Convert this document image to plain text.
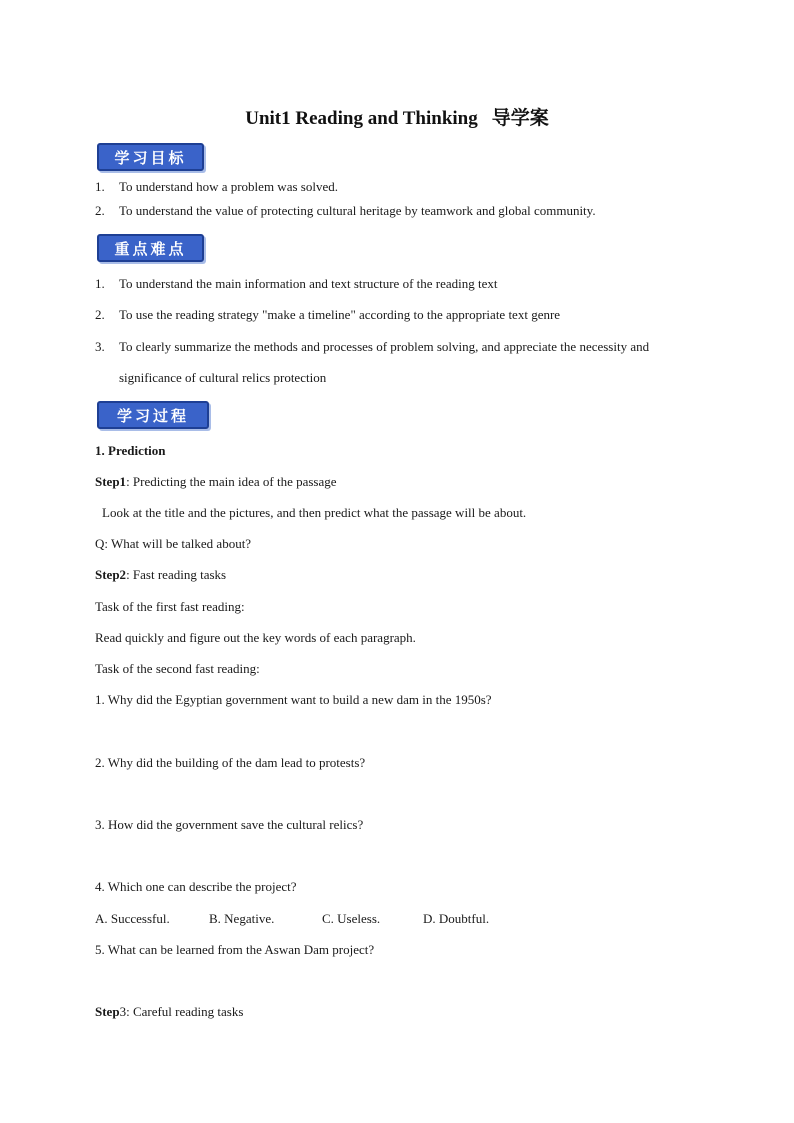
Unit1 Reading and Thinking 导学案
学习目标
1. To understand how a problem was solved.
2. To understand the value of protecting cultural heritage by teamwork and global community.
重点难点
1. To understand the main information and text structure of the reading text
2. To use the reading strategy "make a timeline" according to the appropriate text genre
3. To clearly summarize the methods and processes of problem solving, and appreciate the necessity and
significance of cultural relics protection
学习过程
1. Prediction
Step1: Predicting the main idea of the passage
Look at the title and the pictures, and then predict what the passage will be about.
Q: What will be talked about?
Step2: Fast reading tasks
Task of the first fast reading:
Read quickly and figure out the key words of each paragraph.
Task of the second fast reading:
1. Why did the Egyptian government want to build a new dam in the 1950s?
2. Why did the building of the dam lead to protests?
3. How did the government save the cultural relics?
4. Which one can describe the project?
A. Successful.	B. Negative.	C. Useless.	D. Doubtful.
5. What can be learned from the Aswan Dam project?
Step3: Careful reading tasks
